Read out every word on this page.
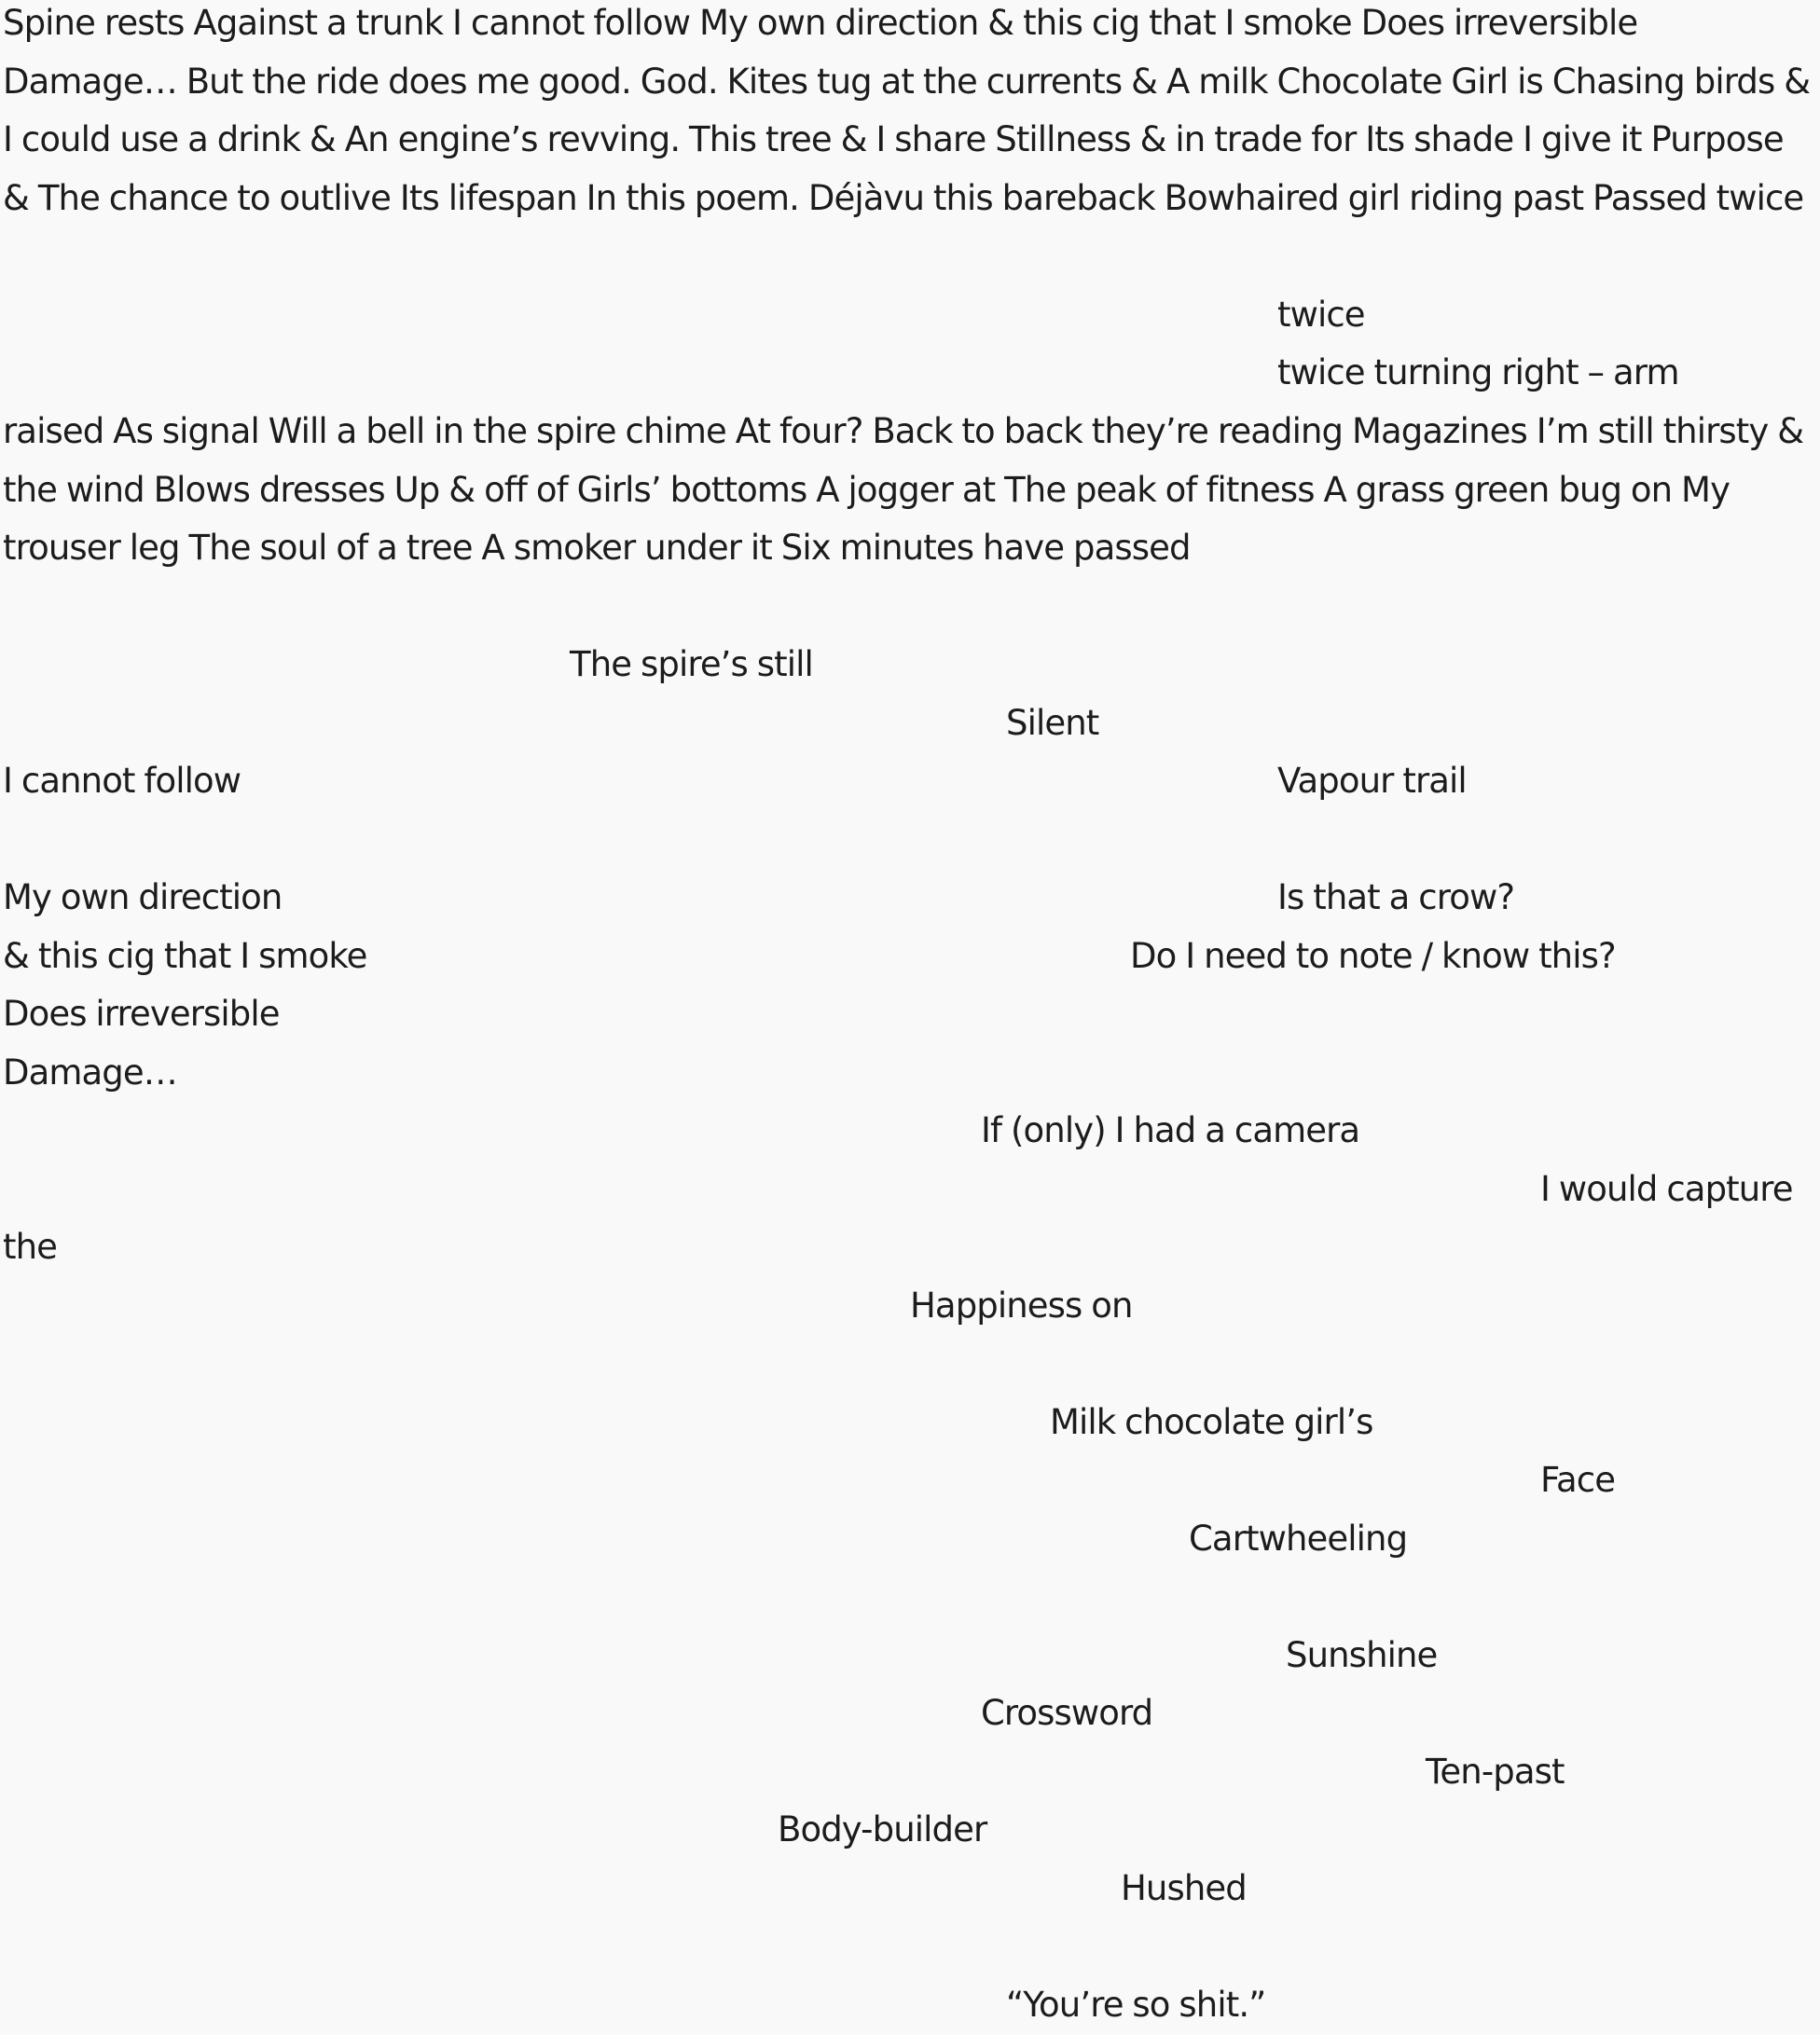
Spine rests Against a trunk I cannot follow My own direction & this cig that I smoke Does irreversible Damage… But the ride does me good. God. Kites tug at the currents & A milk Chocolate Girl is Chasing birds & I could use a drink & An engine’s revving. This tree & I share Stillness & in trade for Its shade I give it Purpose & The chance to outlive Its lifespan In this poem. Déjàvu this bareback Bowhaired girl riding past Passed twice

twice

twice turning right – arm

raised As signal Will a bell in the spire chime At four? Back to back they’re reading Magazines I’m still thirsty & the wind Blows dresses Up & off of Girls’ bottoms A jogger at The peak of fitness A grass green bug on My trouser leg The soul of a tree A smoker under it Six minutes have passed

The spire’s still

Silent

I cannot follow	Vapour trail

My own direction	Is that a crow?

& this cig that I smoke	Do I need to note / know this?

Does irreversible

Damage…

If (only) I had a camera

I would capture

the

Happiness on

Milk chocolate girl’s

Face

Cartwheeling

Sunshine

Crossword

Ten-past

Body-builder

Hushed

“You’re so shit.”
